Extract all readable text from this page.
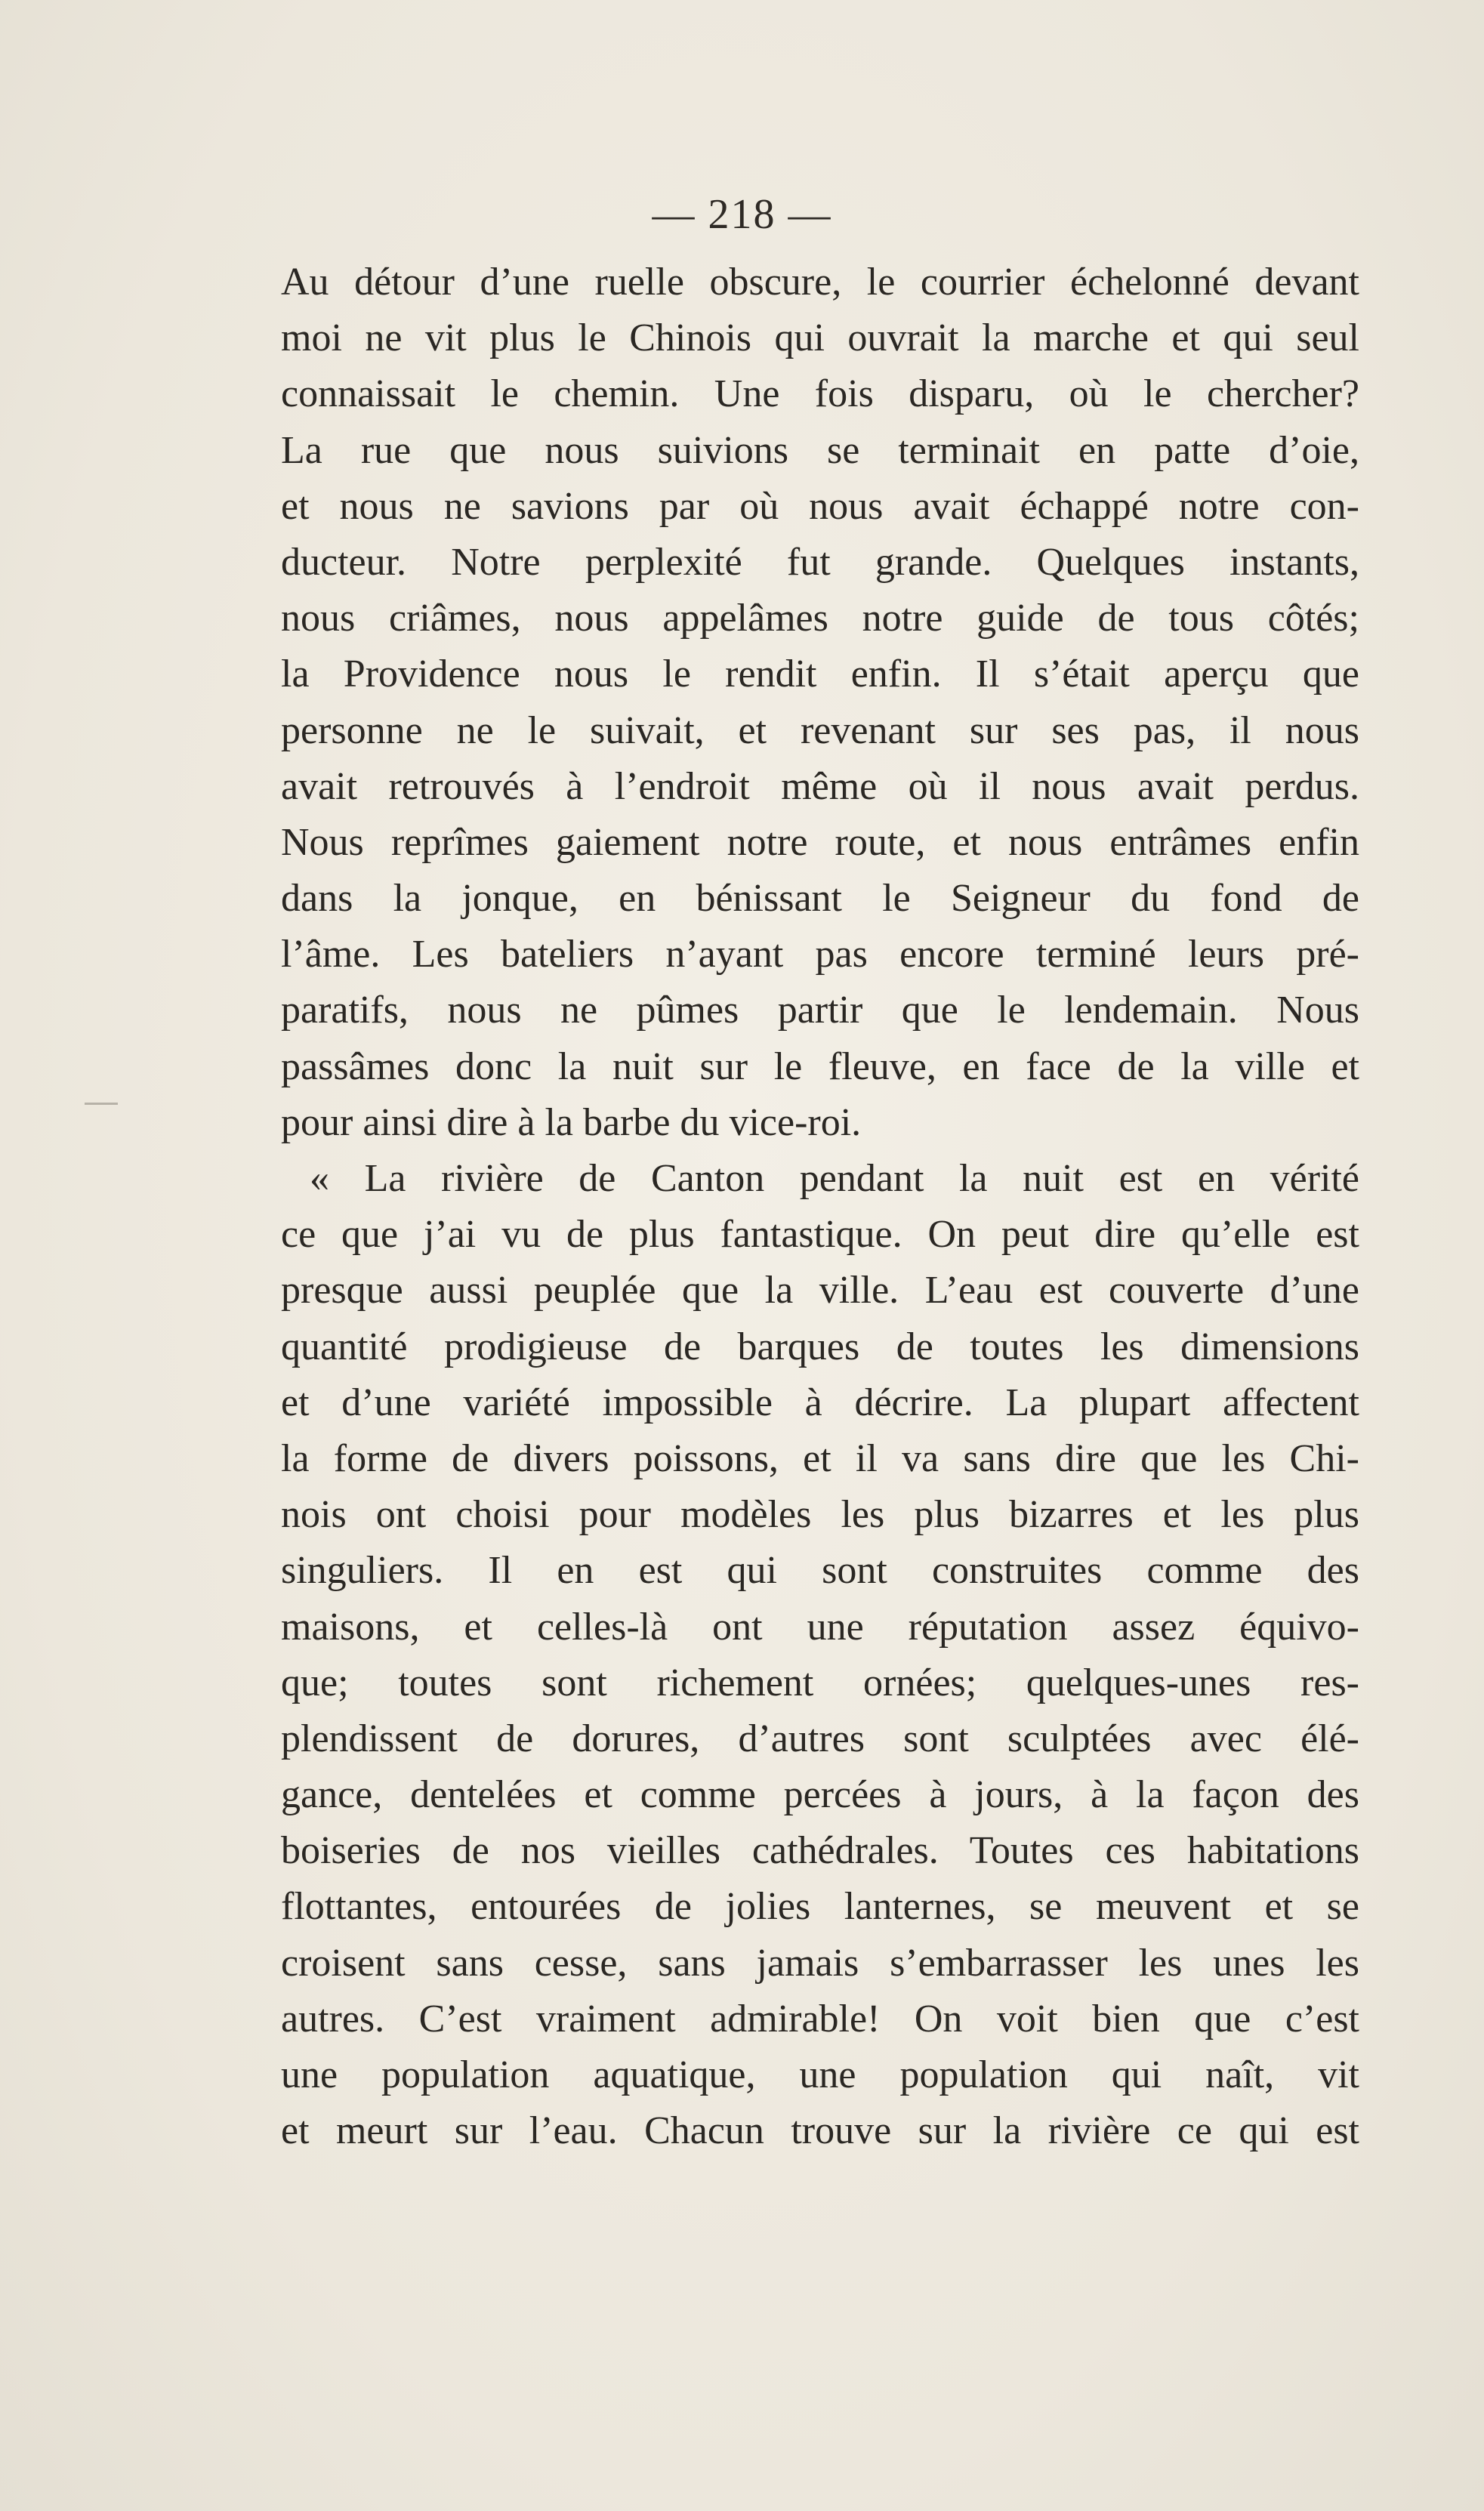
— 218 —
Au détour d’une ruelle obscure, le courrier échelonné devant
moi ne vit plus le Chinois qui ouvrait la marche et qui seul
connaissait le chemin. Une fois disparu, où le chercher?
La rue que nous suivions se terminait en patte d’oie,
et nous ne savions par où nous avait échappé notre con-
ducteur. Notre perplexité fut grande. Quelques instants,
nous criâmes, nous appelâmes notre guide de tous côtés;
la Providence nous le rendit enfin. Il s’était aperçu que
personne ne le suivait, et revenant sur ses pas, il nous
avait retrouvés à l’endroit même où il nous avait perdus.
Nous reprîmes gaiement notre route, et nous entrâmes enfin
dans la jonque, en bénissant le Seigneur du fond de
l’âme. Les bateliers n’ayant pas encore terminé leurs pré-
paratifs, nous ne pûmes partir que le lendemain. Nous
passâmes donc la nuit sur le fleuve, en face de la ville et
pour ainsi dire à la barbe du vice-roi.
« La rivière de Canton pendant la nuit est en vérité
ce que j’ai vu de plus fantastique. On peut dire qu’elle est
presque aussi peuplée que la ville. L’eau est couverte d’une
quantité prodigieuse de barques de toutes les dimensions
et d’une variété impossible à décrire. La plupart affectent
la forme de divers poissons, et il va sans dire que les Chi-
nois ont choisi pour modèles les plus bizarres et les plus
singuliers. Il en est qui sont construites comme des
maisons, et celles-là ont une réputation assez équivo-
que; toutes sont richement ornées; quelques-unes res-
plendissent de dorures, d’autres sont sculptées avec élé-
gance, dentelées et comme percées à jours, à la façon des
boiseries de nos vieilles cathédrales. Toutes ces habitations
flottantes, entourées de jolies lanternes, se meuvent et se
croisent sans cesse, sans jamais s’embarrasser les unes les
autres. C’est vraiment admirable! On voit bien que c’est
une population aquatique, une population qui naît, vit
et meurt sur l’eau. Chacun trouve sur la rivière ce qui est
